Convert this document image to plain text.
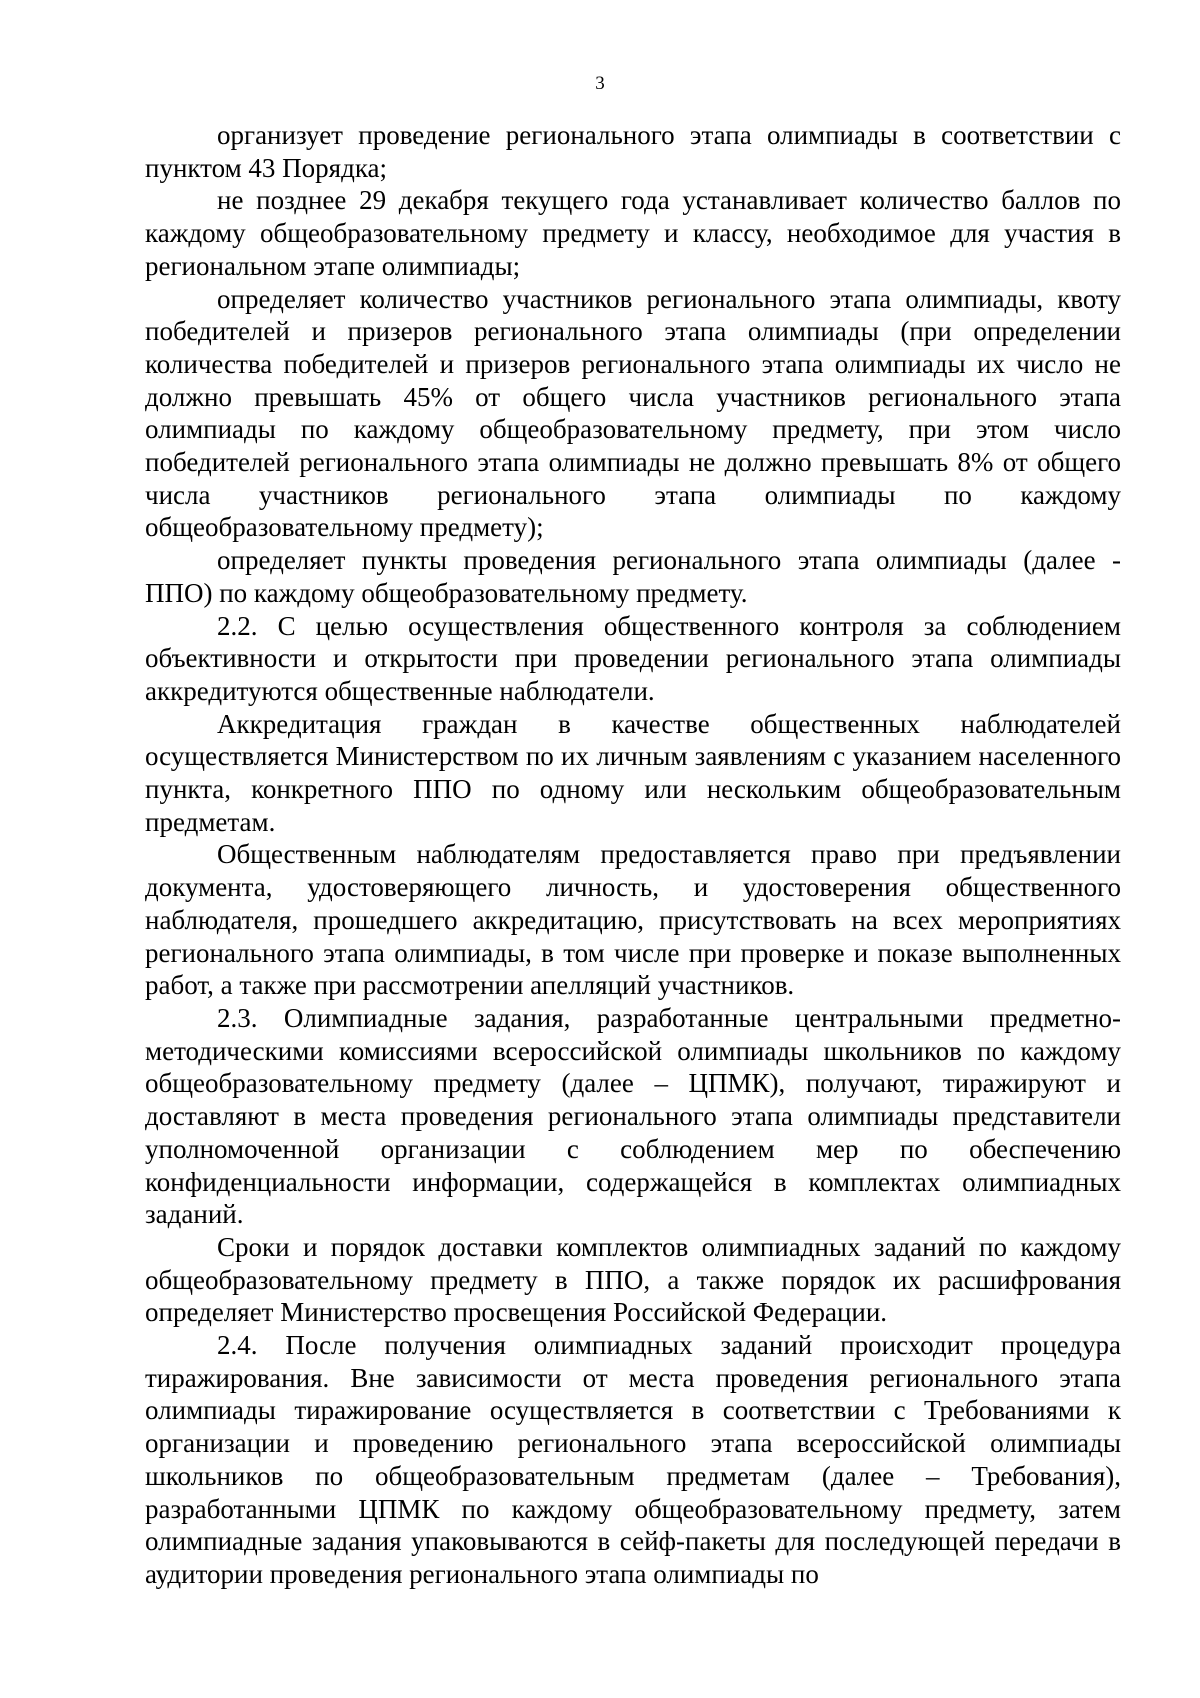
3

организует проведение регионального этапа олимпиады в соответствии с пунктом 43 Порядка;

не позднее 29 декабря текущего года устанавливает количество баллов по каждому общеобразовательному предмету и классу, необходимое для участия в региональном этапе олимпиады;

определяет количество участников регионального этапа олимпиады, квоту победителей и призеров регионального этапа олимпиады (при определении количества победителей и призеров регионального этапа олимпиады их число не должно превышать 45% от общего числа участников регионального этапа олимпиады по каждому общеобразовательному предмету, при этом число победителей регионального этапа олимпиады не должно превышать 8% от общего числа участников регионального этапа олимпиады по каждому общеобразовательному предмету);

определяет пункты проведения регионального этапа олимпиады (далее - ППО) по каждому общеобразовательному предмету.

2.2. С целью осуществления общественного контроля за соблюдением объективности и открытости при проведении регионального этапа олимпиады аккредитуются общественные наблюдатели.

Аккредитация граждан в качестве общественных наблюдателей осуществляется Министерством по их личным заявлениям с указанием населенного пункта, конкретного ППО по одному или нескольким общеобразовательным предметам.

Общественным наблюдателям предоставляется право при предъявлении документа, удостоверяющего личность, и удостоверения общественного наблюдателя, прошедшего аккредитацию, присутствовать на всех мероприятиях регионального этапа олимпиады, в том числе при проверке и показе выполненных работ, а также при рассмотрении апелляций участников.

2.3. Олимпиадные задания, разработанные центральными предметно-методическими комиссиями всероссийской олимпиады школьников по каждому общеобразовательному предмету (далее – ЦПМК), получают, тиражируют и доставляют в места проведения регионального этапа олимпиады представители уполномоченной организации с соблюдением мер по обеспечению конфиденциальности информации, содержащейся в комплектах олимпиадных заданий.

Сроки и порядок доставки комплектов олимпиадных заданий по каждому общеобразовательному предмету в ППО, а также порядок их расшифрования определяет Министерство просвещения Российской Федерации.

2.4. После получения олимпиадных заданий происходит процедура тиражирования. Вне зависимости от места проведения регионального этапа олимпиады тиражирование осуществляется в соответствии с Требованиями к организации и проведению регионального этапа всероссийской олимпиады школьников по общеобразовательным предметам (далее – Требования), разработанными ЦПМК по каждому общеобразовательному предмету, затем олимпиадные задания упаковываются в сейф-пакеты для последующей передачи в аудитории проведения регионального этапа олимпиады по
